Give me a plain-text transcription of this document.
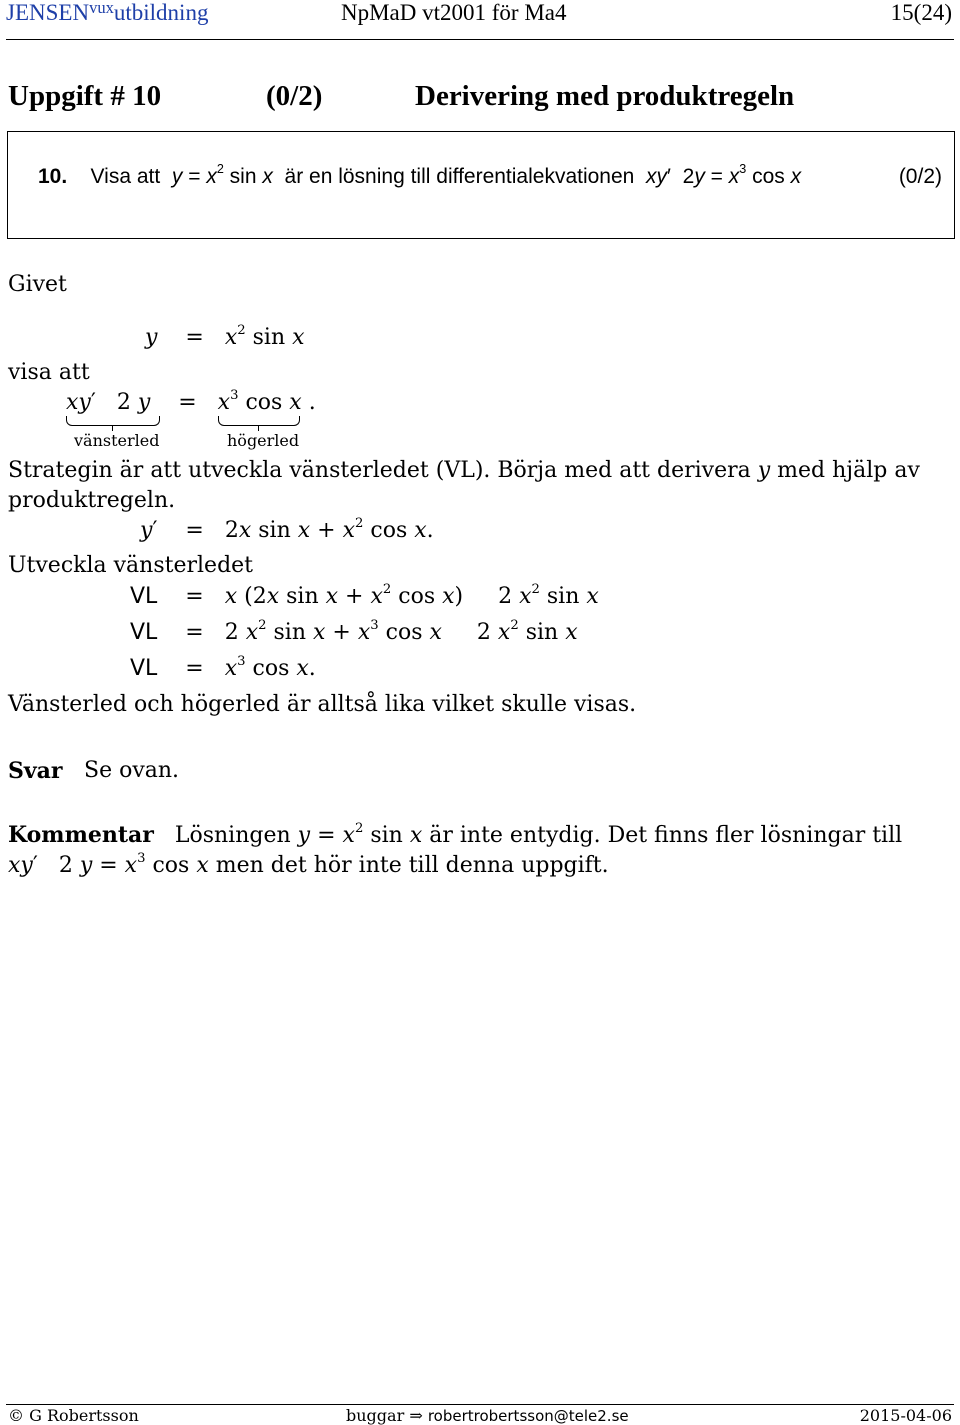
$JENSEN^{vux}utbildning$	NpMaD vt2001 för Ma4	15(24)
Uppgift # 10	(0/2)	Derivering med produktregeln
10. Visa att $y = x^2$ sin x är en lösning till differentialekvationen xy′  $2y = x^3$ cos x	(0/2)
Givet
y    =   $x^2$ sin x
visa att
xy′   2 y    =   $x^3$ cos x .
vänsterled	högerled
Strategin är att utveckla vänsterledet (VL). Börja med att derivera y med hjälp av
produktregeln.
y′    =   2x $\sin x + x^2$ cos x.
Utveckla vänsterledet
VL    =   x (2x $\sin x + x^2$ cos x)     2 $x^2$ sin x
VL    =   2 $x^2$ $\sin x + x^3$ cos x     2 $x^2$ sin x
VL    =   $x^3$ cos x.
Vänsterled och högerled är alltså lika vilket skulle visas.
Svar Se ovan.
Kommentar Lösningen $y = x^2$ sin x är inte entydig. Det finns fler lösningar till
xy′   2 $y = x^3$ cos x men det hör inte till denna uppgift.
© G Robertsson	buggar ⇒ robertrobertsson@tele2.se	2015-04-06
